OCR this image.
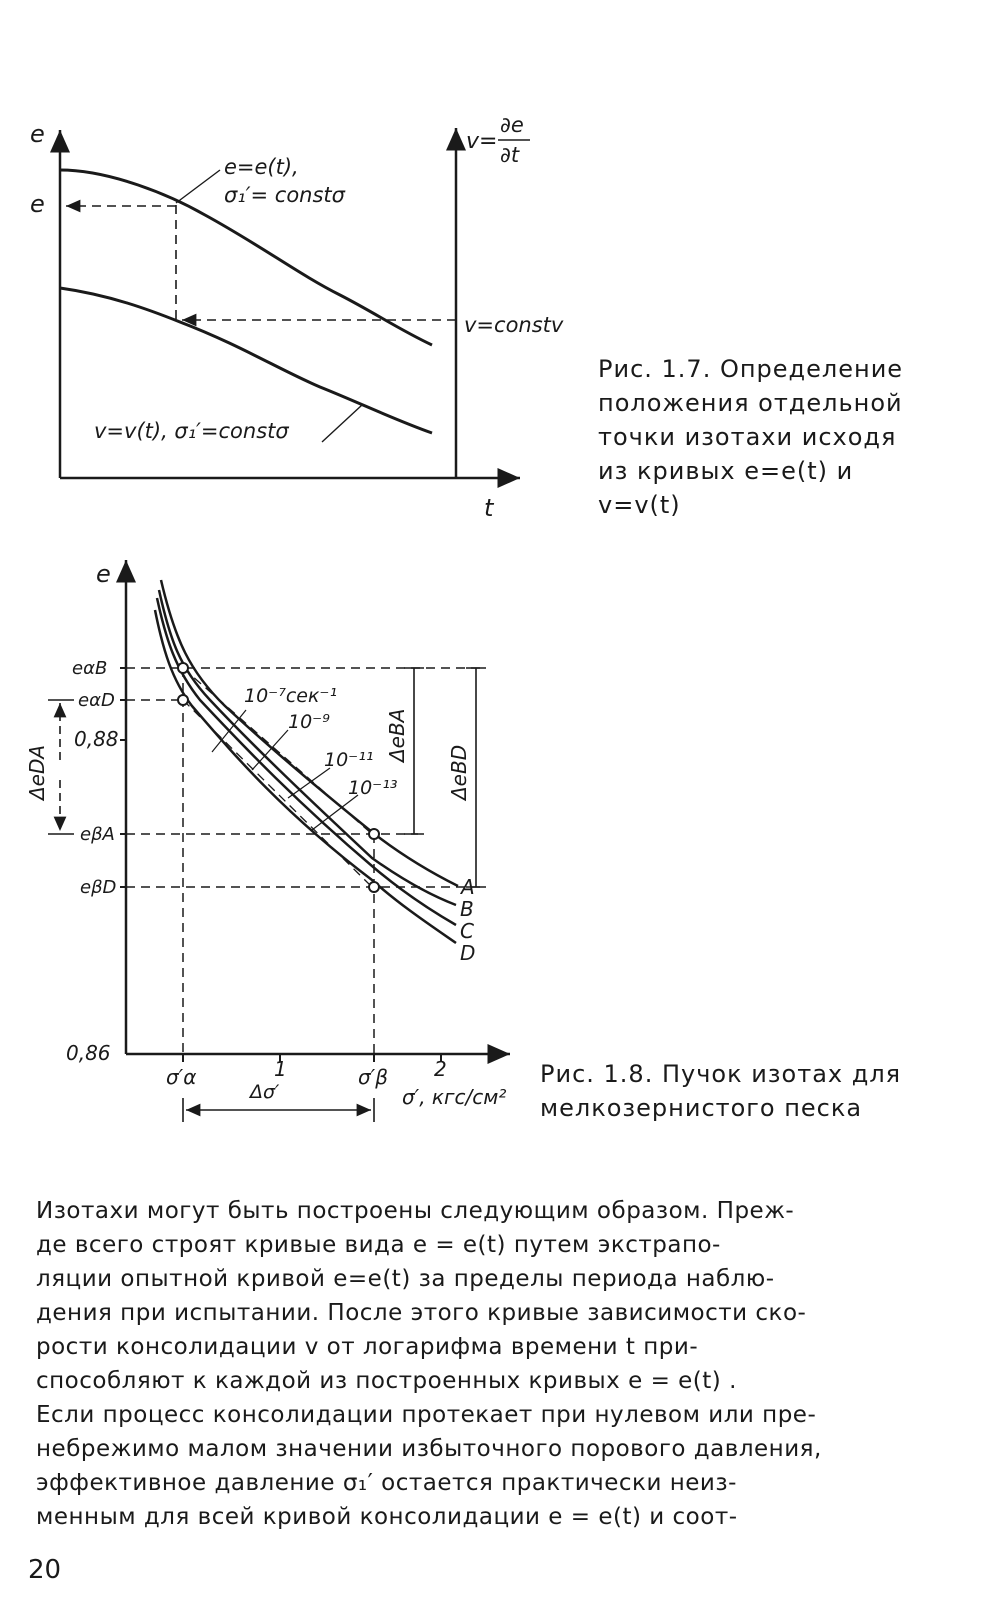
e
e
v=
∂e
∂t
t
e=e(t),
σ₁′= constσ
v=v(t), σ₁′=constσ
v=constv
Рис. 1.7. Определение
положения отдельной
точки изотахи исходя
из кривых e=e(t) и
v=v(t)
e
eαB
eαD
0,88
eβA
eβD
0,86
σ′α	1	σ′β 2
σ′, кгс/см²
Δσ′
ΔeDA
ΔeBA
ΔeBD
10⁻⁷сек⁻¹
10⁻⁹
10⁻¹¹
10⁻¹³
A
B
C
D
Рис. 1.8. Пучок изотах для
мелкозернистого песка
Изотахи могут быть построены следующим образом. Преж-
де всего строят кривые вида e = e(t) путем экстрапо-
ляции опытной кривой e=e(t) за пределы периода наблю-
дения при испытании. После этого кривые зависимости ско-
рости консолидации v от логарифма времени t при-
способляют к каждой из построенных кривых e = e(t) .
Если процесс консолидации протекает при нулевом или пре-
небрежимо малом значении избыточного порового давления,
эффективное давление σ₁′ остается практически неиз-
менным для всей кривой консолидации e = e(t) и соот-
20
